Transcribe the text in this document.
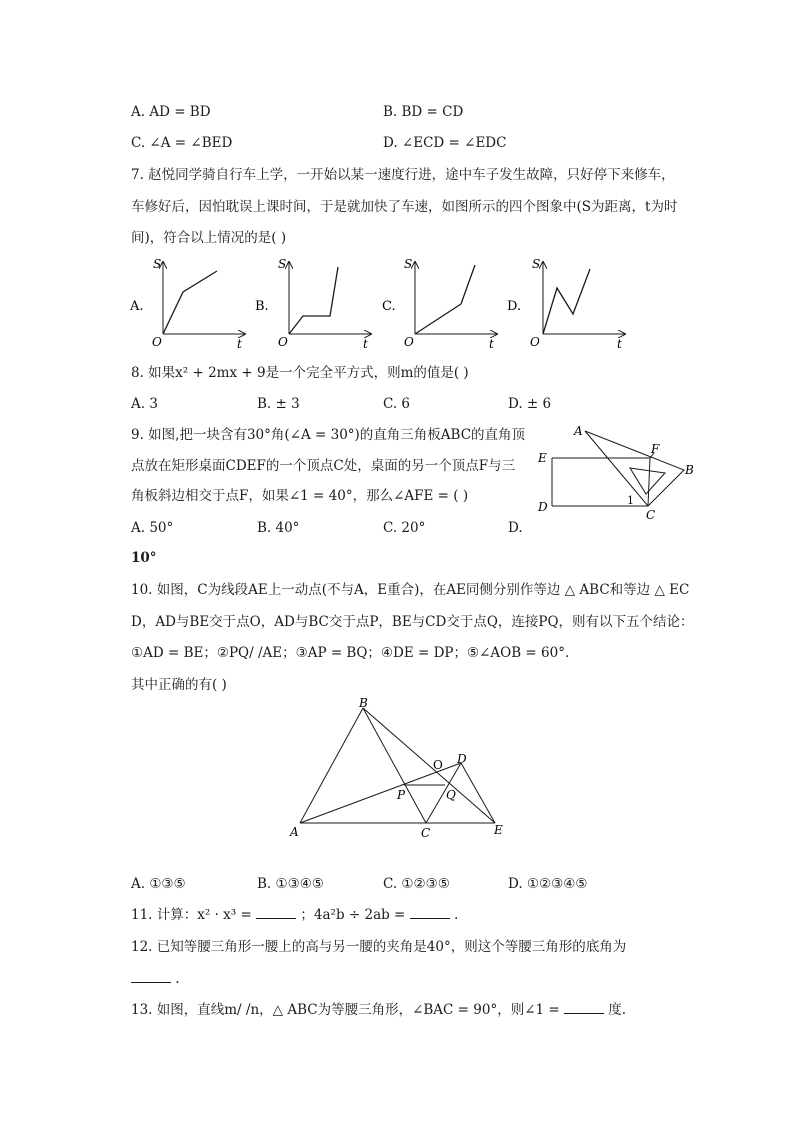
A. AD = BD	B. BD = CD
C. ∠A = ∠BED	D. ∠ECD = ∠EDC
7. 赵悦同学骑自行车上学，一开始以某一速度行进，途中车子发生故障，只好停下来修车，
车修好后，因怕耽误上课时间，于是就加快了车速，如图所示的四个图象中(S为距离，t为时
间)，符合以上情况的是( )
A.
S
t
O
B.
S
t
O
C.
S
t
O
D.
S
t
O
8. 如果x² + 2mx + 9是一个完全平方式，则m的值是( )
A. 3	B. ± 3	C. 6	D. ± 6
9. 如图,把一块含有30°角(∠A = 30°)的直角三角板ABC的直角顶
点放在矩形桌面CDEF的一个顶点C处，桌面的另一个顶点F与三
角板斜边相交于点F，如果∠1 = 40°，那么∠AFE = ( )
A. 50°	B. 40°	C. 20°	D.
10°
A
B
C
D
E
F
1
10. 如图，C为线段AE上一动点(不与A，E重合)，在AE同侧分别作等边 △ ABC和等边 △ EC
D，AD与BE交于点O，AD与BC交于点P，BE与CD交于点Q，连接PQ，则有以下五个结论：
①AD = BE；②PQ/ /AE；③AP = BQ；④DE = DP；⑤∠AOB = 60°.
其中正确的有( )
B
A	C
D
E
O
P	Q
A. ①③⑤	B. ①③④⑤	C. ①②③⑤	D. ①②③④⑤
11. 计算：x² · x³ =	；4a²b ÷ 2ab =	.
12. 已知等腰三角形一腰上的高与另一腰的夹角是40°，则这个等腰三角形的底角为
.
13. 如图，直线m/ /n，△ ABC为等腰三角形，∠BAC = 90°，则∠1 =	度.
